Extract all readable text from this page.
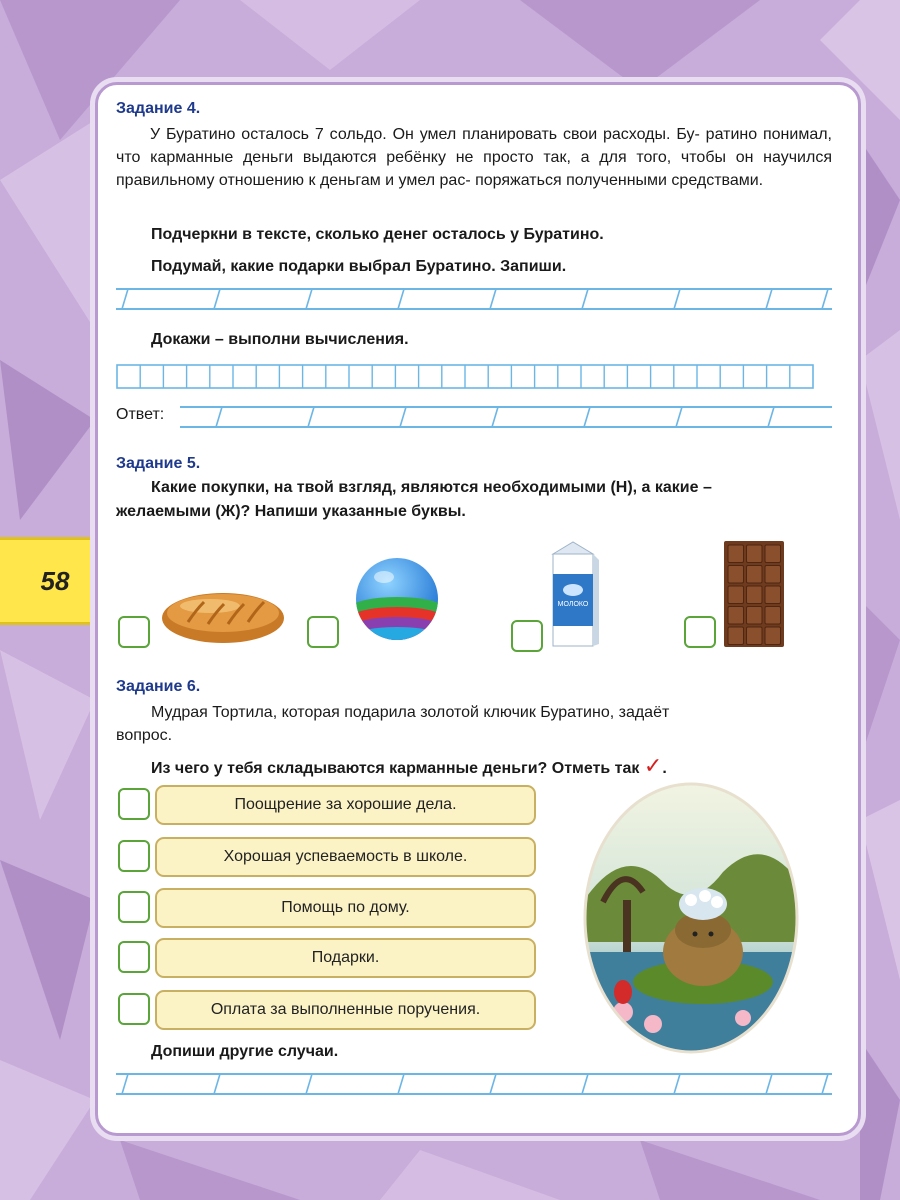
58
Задание 4.
У Буратино осталось 7 сольдо. Он умел планировать свои расходы. Бу- ратино понимал, что карманные деньги выдаются ребёнку не просто так, а для того, чтобы он научился правильному отношению к деньгам и умел рас- поряжаться полученными средствами.
Подчеркни в тексте, сколько денег осталось у Буратино.
Подумай, какие подарки выбрал Буратино. Запиши.
Докажи – выполни вычисления.
Ответ:
Задание 5.
Какие покупки, на твой взгляд, являются необходимыми (Н), а какие –
желаемыми (Ж)? Напиши указанные буквы.
МОЛОКО
Задание 6.
Мудрая Тортила, которая подарила золотой ключик Буратино, задаёт
вопрос.
Из чего у тебя складываются карманные деньги? Отметь так ✓.
Поощрение за хорошие дела.
Хорошая успеваемость в школе.
Помощь по дому.
Подарки.
Оплата за выполненные поручения.
Допиши другие случаи.
